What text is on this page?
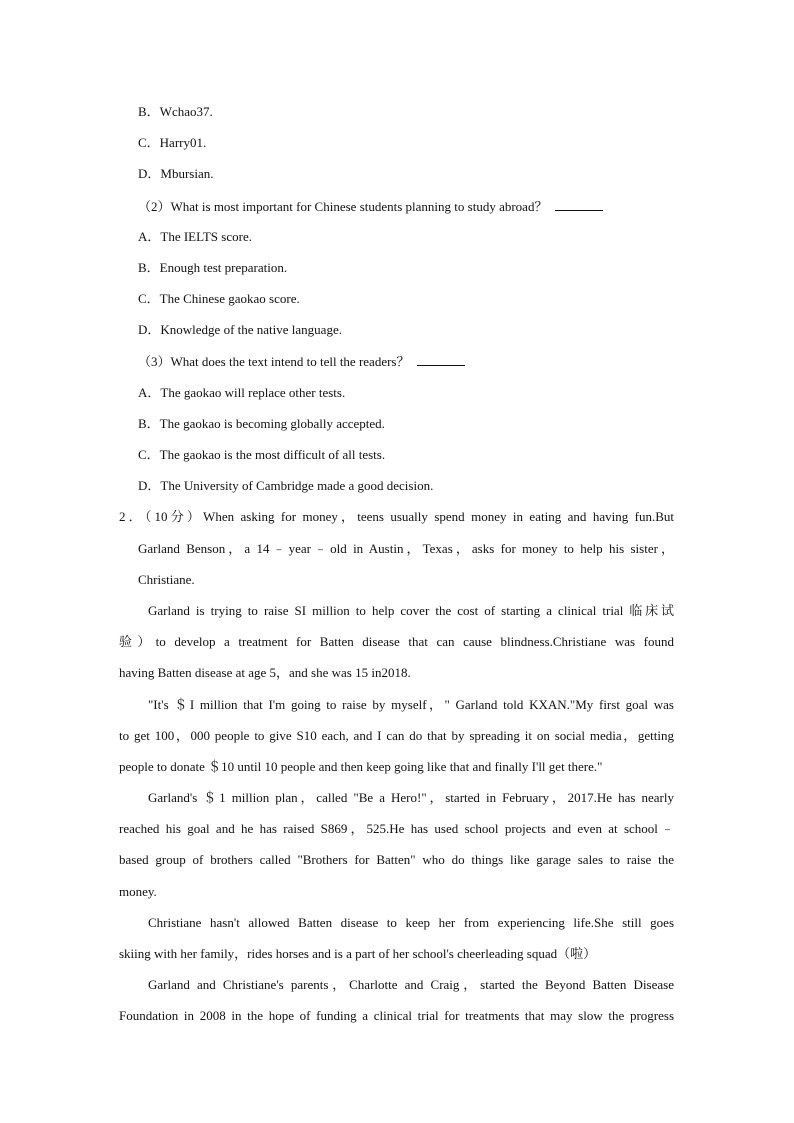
B．Wchao37.
C．Harry01.
D．Mbursian.
（2）What is most important for Chinese students planning to study abroad？
A．The IELTS score.
B．Enough test preparation.
C．The Chinese gaokao score.
D．Knowledge of the native language.
（3）What does the text intend to tell the readers？
A．The gaokao will replace other tests.
B．The gaokao is becoming globally accepted.
C．The gaokao is the most difficult of all tests.
D．The University of Cambridge made a good decision.
2．（10分）When asking for money，teens usually spend money in eating and having fun.But
Garland Benson，a 14﹣year﹣old in Austin，Texas，asks for money to help his sister，
Christiane.
Garland is trying to raise SI million to help cover the cost of starting a clinical trial 临床试
验）to develop a treatment for Batten disease that can cause blindness.Christiane was found
having Batten disease at age 5，and she was 15 in2018.
"It's ＄I million that I'm going to raise by myself，" Garland told KXAN."My first goal was
to get 100，000 people to give S10 each, and I can do that by spreading it on social media，getting
people to donate ＄10 until 10 people and then keep going like that and finally I'll get there."
Garland's ＄1 million plan，called "Be a Hero!"，started in February，2017.He has nearly
reached his goal and he has raised S869，525.He has used school projects and even at school﹣
based group of brothers called "Brothers for Batten" who do things like garage sales to raise the
money.
Christiane hasn't allowed Batten disease to keep her from experiencing life.She still goes
skiing with her family，rides horses and is a part of her school's cheerleading squad（啦）
Garland and Christiane's parents，Charlotte and Craig，started the Beyond Batten Disease
Foundation in 2008 in the hope of funding a clinical trial for treatments that may slow the progress
